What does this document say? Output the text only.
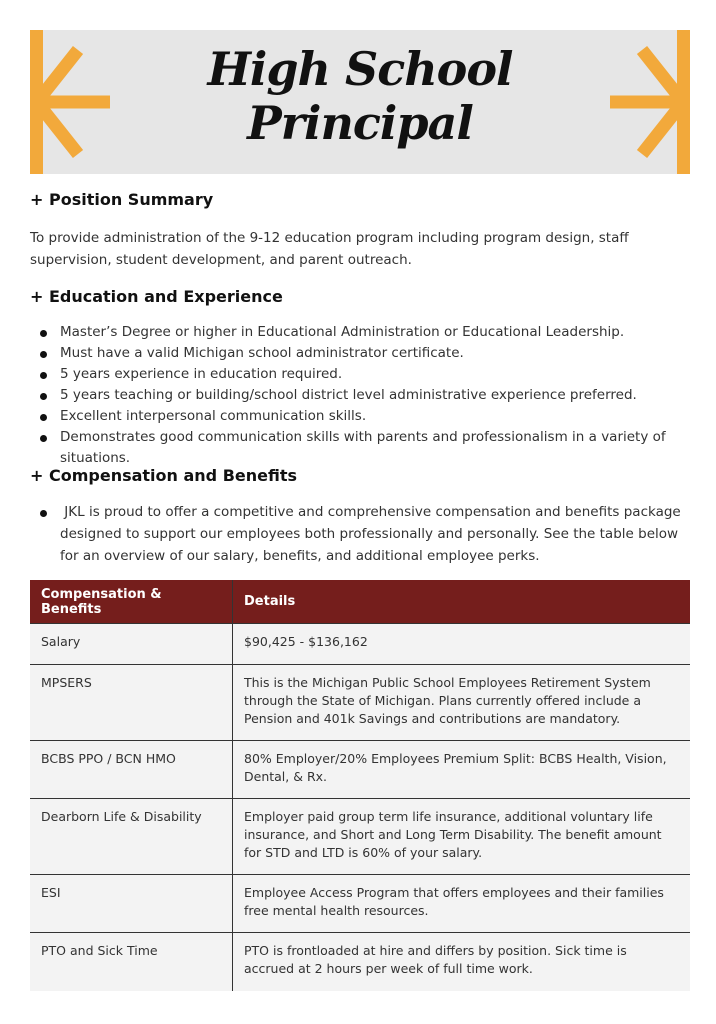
High School
Principal
+ Position Summary
To provide administration of the 9-12 education program including program design, staff supervision, student development, and parent outreach.
+ Education and Experience
Master’s Degree or higher in Educational Administration or Educational Leadership.
Must have a valid Michigan school administrator certificate.
5 years experience in education required.
5 years teaching or building/school district level administrative experience preferred.
Excellent interpersonal communication skills.
Demonstrates good communication skills with parents and professionalism in a variety of situations.
+ Compensation and Benefits
JKL is proud to offer a competitive and comprehensive compensation and benefits package designed to support our employees both professionally and personally. See the table below for an overview of our salary, benefits, and additional employee perks.
Compensation & Benefits	Details
Salary	$90,425 - $136,162
MPSERS	This is the Michigan Public School Employees Retirement System through the State of Michigan. Plans currently offered include a Pension and 401k Savings and contributions are mandatory.
BCBS PPO / BCN HMO	80% Employer/20% Employees Premium Split: BCBS Health, Vision, Dental, & Rx.
Dearborn Life & Disability	Employer paid group term life insurance, additional voluntary life insurance, and Short and Long Term Disability. The benefit amount for STD and LTD is 60% of your salary.
ESI	Employee Access Program that offers employees and their families free mental health resources.
PTO and Sick Time	PTO is frontloaded at hire and differs by position. Sick time is accrued at 2 hours per week of full time work.
